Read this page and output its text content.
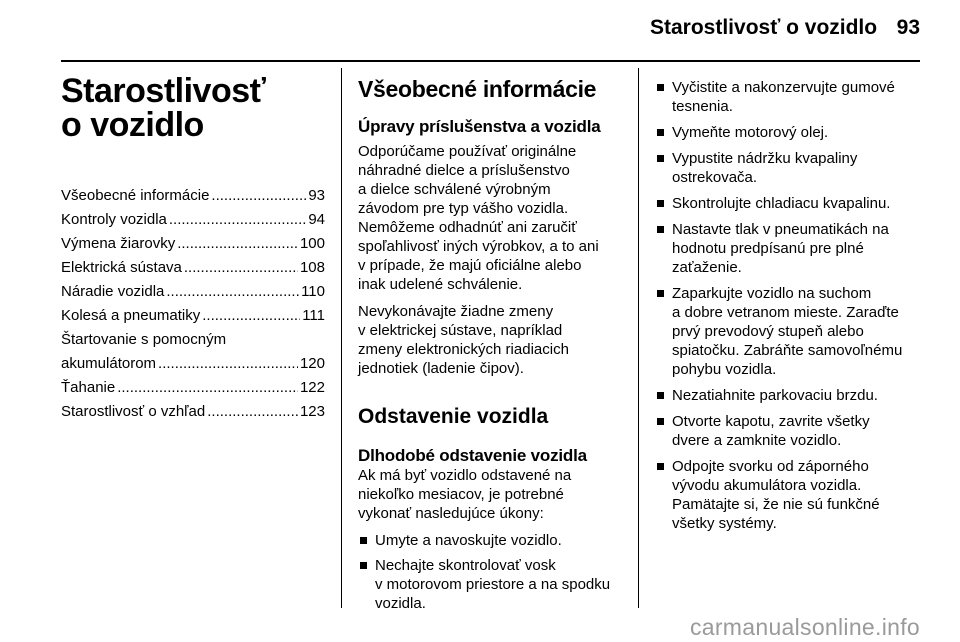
Starostlivosť o vozidlo 93
Starostlivosť
o vozidlo
Všeobecné informácie .....	93
Kontroly vozidla .....	94
Výmena žiarovky .....	100
Elektrická sústava .....	108
Náradie vozidla .....	110
Kolesá a pneumatiky .....	111
Štartovanie s pomocným
akumulátorom .....	120
Ťahanie .....	122
Starostlivosť o vzhľad .....	123
Všeobecné informácie
Úpravy príslušenstva a vozidla

Odporúčame používať originálne
náhradné dielce a príslušenstvo
a dielce schválené výrobným
závodom pre typ vášho vozidla.
Nemôžeme odhadnúť ani zaručiť
spoľahlivosť iných výrobkov, a to ani
v prípade, že majú oficiálne alebo
inak udelené schválenie.

Nevykonávajte žiadne zmeny
v elektrickej sústave, napríklad
zmeny elektronických riadiacich
jednotiek (ladenie čipov).

Odstavenie vozidla
Dlhodobé odstavenie vozidla

Ak má byť vozidlo odstavené na
niekoľko mesiacov, je potrebné
vykonať nasledujúce úkony:

Umyte a navoskujte vozidlo.
Nechajte skontrolovať vosk
v motorovom priestore a na spodku
vozidla.
Vyčistite a nakonzervujte gumové
tesnenia.
Vymeňte motorový olej.
Vypustite nádržku kvapaliny
ostrekovača.
Skontrolujte chladiacu kvapalinu.
Nastavte tlak v pneumatikách na
hodnotu predpísanú pre plné
zaťaženie.
Zaparkujte vozidlo na suchom
a dobre vetranom mieste. Zaraďte
prvý prevodový stupeň alebo
spiatočku. Zabráňte samovoľnému
pohybu vozidla.
Nezatiahnite parkovaciu brzdu.
Otvorte kapotu, zavrite všetky
dvere a zamknite vozidlo.
Odpojte svorku od záporného
vývodu akumulátora vozidla.
Pamätajte si, že nie sú funkčné
všetky systémy.
carmanualsonline.info
